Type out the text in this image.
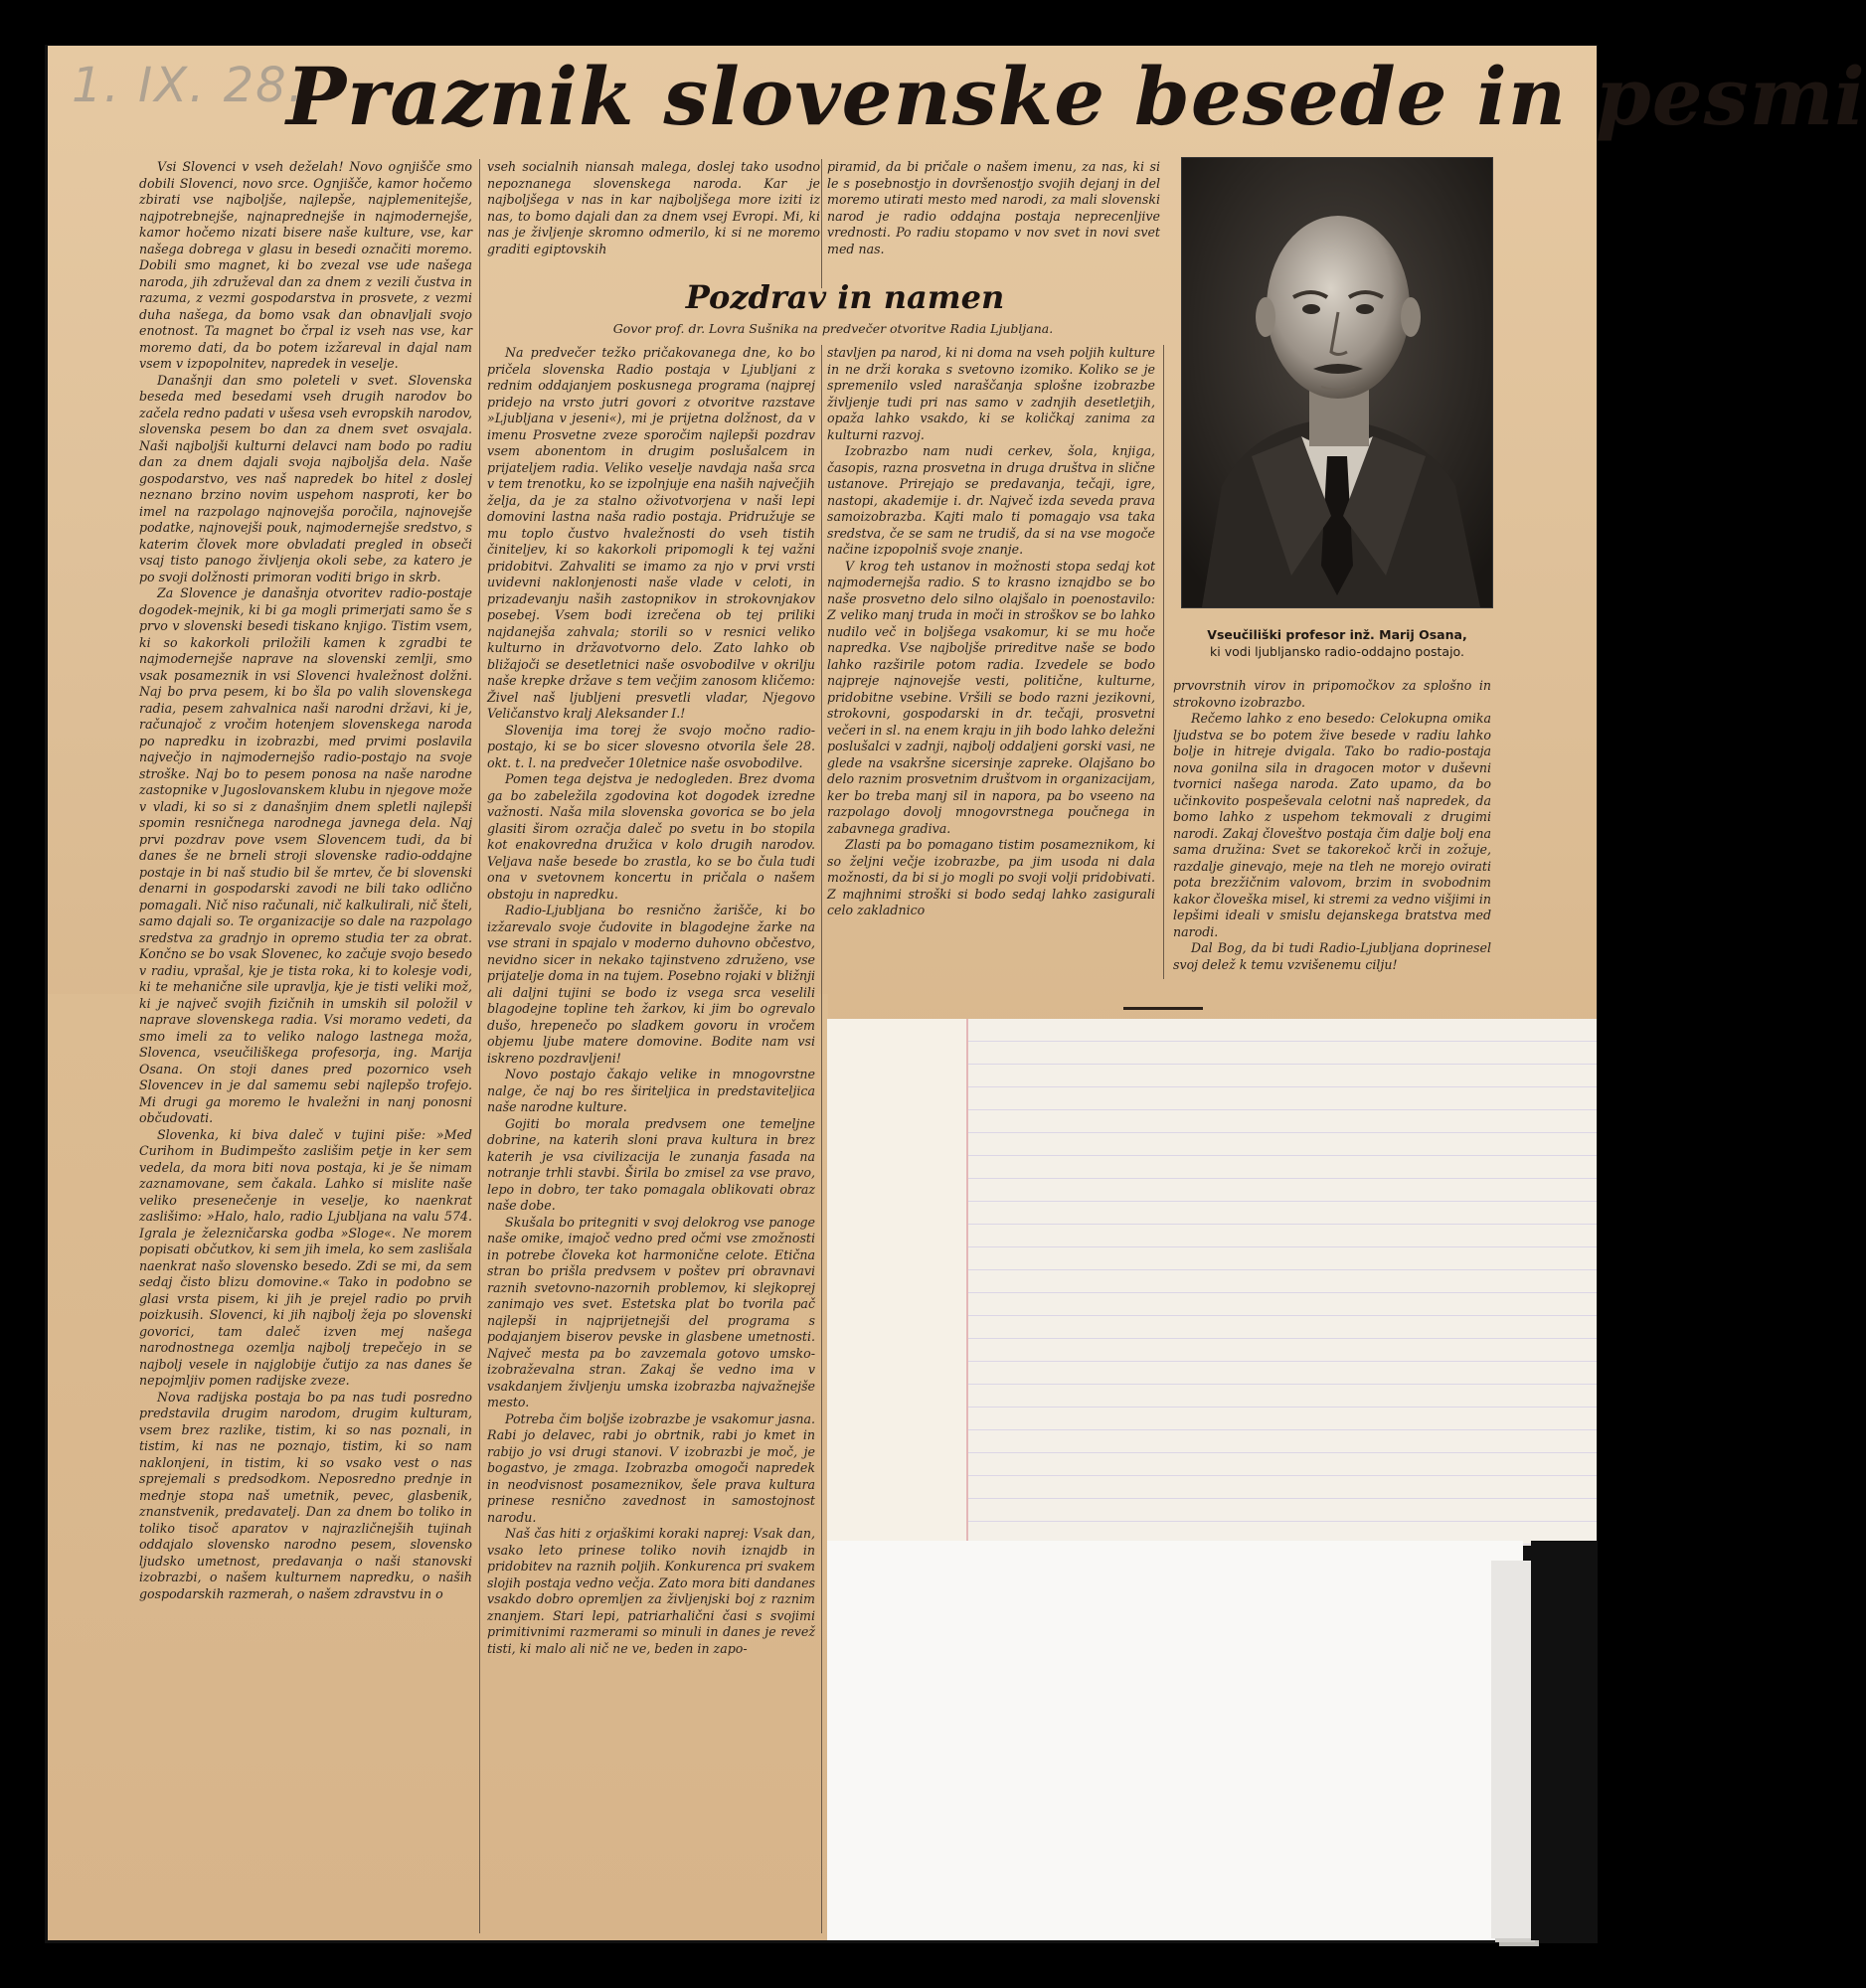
1. IX. 28.
Praznik slovenske besede in pesmi

Vsi Slovenci v vseh deželah! Novo ognjišče smo dobili Slovenci, novo srce. Ognjišče, kamor hočemo zbirati vse najboljše, najlepše, najplemenitejše, najpotrebnejše, najnaprednejše in najmodernejše, kamor hočemo nizati bisere naše kulture, vse, kar našega dobrega v glasu in besedi označiti moremo. Dobili smo magnet, ki bo zvezal vse ude našega naroda, jih združeval dan za dnem z vezili čustva in razuma, z vezmi gospodarstva in prosvete, z vezmi duha našega, da bomo vsak dan obnavljali svojo enotnost. Ta magnet bo črpal iz vseh nas vse, kar moremo dati, da bo potem izžareval in dajal nam vsem v izpopolnitev, napredek in veselje.

Današnji dan smo poleteli v svet. Slovenska beseda med besedami vseh drugih narodov bo začela redno padati v ušesa vseh evropskih narodov, slovenska pesem bo dan za dnem svet osvajala. Naši najboljši kulturni delavci nam bodo po radiu dan za dnem dajali svoja najboljša dela. Naše gospodarstvo, ves naš napredek bo hitel z doslej neznano brzino novim uspehom nasproti, ker bo imel na razpolago najnovejša poročila, najnovejše podatke, najnovejši pouk, najmodernejše sredstvo, s katerim človek more obvladati pregled in obseči vsaj tisto panogo življenja okoli sebe, za katero je po svoji dolžnosti primoran voditi brigo in skrb.

Za Slovence je današnja otvoritev radio-postaje dogodek-mejnik, ki bi ga mogli primerjati samo še s prvo v slovenski besedi tiskano knjigo. Tistim vsem, ki so kakorkoli priložili kamen k zgradbi te najmodernejše naprave na slovenski zemlji, smo vsak posameznik in vsi Slovenci hvaležnost dolžni. Naj bo prva pesem, ki bo šla po valih slovenskega radia, pesem zahvalnica naši narodni državi, ki je, računajoč z vročim hotenjem slovenskega naroda po napredku in izobrazbi, med prvimi poslavila največjo in najmodernejšo radio-postajo na svoje stroške. Naj bo to pesem ponosa na naše narodne zastopnike v Jugoslovanskem klubu in njegove može v vladi, ki so si z današnjim dnem spletli najlepši spomin resničnega narodnega javnega dela. Naj prvi pozdrav pove vsem Slovencem tudi, da bi danes še ne brneli stroji slovenske radio-oddajne postaje in bi naš studio bil še mrtev, če bi slovenski denarni in gospodarski zavodi ne bili tako odlično pomagali. Nič niso računali, nič kalkulirali, nič šteli, samo dajali so. Te organizacije so dale na razpolago sredstva za gradnjo in opremo studia ter za obrat. Končno se bo vsak Slovenec, ko začuje svojo besedo v radiu, vprašal, kje je tista roka, ki to kolesje vodi, ki te mehanične sile upravlja, kje je tisti veliki mož, ki je največ svojih fizičnih in umskih sil položil v naprave slovenskega radia. Vsi moramo vedeti, da smo imeli za to veliko nalogo lastnega moža, Slovenca, vseučiliškega profesorja, ing. Marija Osana. On stoji danes pred pozornico vseh Slovencev in je dal samemu sebi najlepšo trofejo. Mi drugi ga moremo le hvaležni in nanj ponosni občudovati.

Slovenka, ki biva daleč v tujini piše: »Med Curihom in Budimpešto zaslišim petje in ker sem vedela, da mora biti nova postaja, ki je še nimam zaznamovane, sem čakala. Lahko si mislite naše veliko presenečenje in veselje, ko naenkrat zaslišimo: »Halo, halo, radio Ljubljana na valu 574. Igrala je železničarska godba »Sloge«. Ne morem popisati občutkov, ki sem jih imela, ko sem zaslišala naenkrat našo slovensko besedo. Zdi se mi, da sem sedaj čisto blizu domovine.« Tako in podobno se glasi vrsta pisem, ki jih je prejel radio po prvih poizkusih. Slovenci, ki jih najbolj žeja po slovenski govorici, tam daleč izven mej našega narodnostnega ozemlja najbolj trepečejo in se najbolj vesele in najglobije čutijo za nas danes še nepojmljiv pomen radijske zveze.

Nova radijska postaja bo pa nas tudi posredno predstavila drugim narodom, drugim kulturam, vsem brez razlike, tistim, ki so nas poznali, in tistim, ki nas ne poznajo, tistim, ki so nam naklonjeni, in tistim, ki so vsako vest o nas sprejemali s predsodkom. Neposredno prednje in mednje stopa naš umetnik, pevec, glasbenik, znanstvenik, predavatelj. Dan za dnem bo toliko in toliko tisoč aparatov v najrazličnejših tujinah oddajalo slovensko narodno pesem, slovensko ljudsko umetnost, predavanja o naši stanovski izobrazbi, o našem kulturnem napredku, o naših gospodarskih razmerah, o našem zdravstvu in o

vseh socialnih niansah malega, doslej tako usodno nepoznanega slovenskega naroda. Kar je najboljšega v nas in kar najboljšega more iziti iz nas, to bomo dajali dan za dnem vsej Evropi. Mi, ki nas je življenje skromno odmerilo, ki si ne moremo graditi egiptovskih

piramid, da bi pričale o našem imenu, za nas, ki si le s posebnostjo in dovršenostjo svojih dejanj in del moremo utirati mesto med narodi, za mali slovenski narod je radio oddajna postaja neprecenljive vrednosti. Po radiu stopamo v nov svet in novi svet med nas.

Pozdrav in namen
Govor prof. dr. Lovra Sušnika na predvečer otvoritve Radia Ljubljana.

Na predvečer težko pričakovanega dne, ko bo pričela slovenska Radio postaja v Ljubljani z rednim oddajanjem poskusnega programa (najprej pridejo na vrsto jutri govori z otvoritve razstave »Ljubljana v jeseni«), mi je prijetna dolžnost, da v imenu Prosvetne zveze sporočim najlepši pozdrav vsem abonentom in drugim poslušalcem in prijateljem radia. Veliko veselje navdaja naša srca v tem trenotku, ko se izpolnjuje ena naših največjih želja, da je za stalno oživotvorjena v naši lepi domovini lastna naša radio postaja. Pridružuje se mu toplo čustvo hvaležnosti do vseh tistih činiteljev, ki so kakorkoli pripomogli k tej važni pridobitvi. Zahvaliti se imamo za njo v prvi vrsti uvidevni naklonjenosti naše vlade v celoti, in prizadevanju naših zastopnikov in strokovnjakov posebej. Vsem bodi izrečena ob tej priliki najdanejša zahvala; storili so v resnici veliko kulturno in državotvorno delo. Zato lahko ob bližajoči se desetletnici naše osvobodilve v okrilju naše krepke države s tem večjim zanosom kličemo: Živel naš ljubljeni presvetli vladar, Njegovo Veličanstvo kralj Aleksander I.!

Slovenija ima torej že svojo močno radio-postajo, ki se bo sicer slovesno otvorila šele 28. okt. t. l. na predvečer 10letnice naše osvobodilve.

Pomen tega dejstva je nedogleden. Brez dvoma ga bo zabeležila zgodovina kot dogodek izredne važnosti. Naša mila slovenska govorica se bo jela glasiti širom ozračja daleč po svetu in bo stopila kot enakovredna družica v kolo drugih narodov. Veljava naše besede bo zrastla, ko se bo čula tudi ona v svetovnem koncertu in pričala o našem obstoju in napredku.

Radio-Ljubljana bo resnično žarišče, ki bo izžarevalo svoje čudovite in blagodejne žarke na vse strani in spajalo v moderno duhovno občestvo, nevidno sicer in nekako tajinstveno združeno, vse prijatelje doma in na tujem. Posebno rojaki v bližnji ali daljni tujini se bodo iz vsega srca veselili blagodejne topline teh žarkov, ki jim bo ogrevalo dušo, hrepenečo po sladkem govoru in vročem objemu ljube matere domovine. Bodite nam vsi iskreno pozdravljeni!

Novo postajo čakajo velike in mnogovrstne nalge, če naj bo res širiteljica in predstaviteljica naše narodne kulture.

Gojiti bo morala predvsem one temeljne dobrine, na katerih sloni prava kultura in brez katerih je vsa civilizacija le zunanja fasada na notranje trhli stavbi. Širila bo zmisel za vse pravo, lepo in dobro, ter tako pomagala oblikovati obraz naše dobe.

Skušala bo pritegniti v svoj delokrog vse panoge naše omike, imajoč vedno pred očmi vse zmožnosti in potrebe človeka kot harmonične celote. Etična stran bo prišla predvsem v poštev pri obravnavi raznih svetovno-nazornih problemov, ki slejkoprej zanimajo ves svet. Estetska plat bo tvorila pač najlepši in najprijetnejši del programa s podajanjem biserov pevske in glasbene umetnosti. Največ mesta pa bo zavzemala gotovo umsko-izobraževalna stran. Zakaj še vedno ima v vsakdanjem življenju umska izobrazba najvažnejše mesto.

Potreba čim boljše izobrazbe je vsakomur jasna. Rabi jo delavec, rabi jo obrtnik, rabi jo kmet in rabijo jo vsi drugi stanovi. V izobrazbi je moč, je bogastvo, je zmaga. Izobrazba omogoči napredek in neodvisnost posameznikov, šele prava kultura prinese resnično zavednost in samostojnost narodu.

Naš čas hiti z orjaškimi koraki naprej: Vsak dan, vsako leto prinese toliko novih iznajdb in pridobitev na raznih poljih. Konkurenca pri svakem slojih postaja vedno večja. Zato mora biti dandanes vsakdo dobro opremljen za življenjski boj z raznim znanjem. Stari lepi, patriarhalični časi s svojimi primitivnimi razmerami so minuli in danes je revež tisti, ki malo ali nič ne ve, beden in zapo-

stavljen pa narod, ki ni doma na vseh poljih kulture in ne drži koraka s svetovno izomiko. Koliko se je spremenilo vsled naraščanja splošne izobrazbe življenje tudi pri nas samo v zadnjih desetletjih, opaža lahko vsakdo, ki se količkaj zanima za kulturni razvoj.

Izobrazbo nam nudi cerkev, šola, knjiga, časopis, razna prosvetna in druga društva in slične ustanove. Prirejajo se predavanja, tečaji, igre, nastopi, akademije i. dr. Največ izda seveda prava samoizobrazba. Kajti malo ti pomagajo vsa taka sredstva, če se sam ne trudiš, da si na vse mogoče načine izpopolniš svoje znanje.

V krog teh ustanov in možnosti stopa sedaj kot najmodernejša radio. S to krasno iznajdbo se bo naše prosvetno delo silno olajšalo in poenostavilo: Z veliko manj truda in moči in stroškov se bo lahko nudilo več in boljšega vsakomur, ki se mu hoče napredka. Vse najboljše prireditve naše se bodo lahko razširile potom radia. Izvedele se bodo najpreje najnovejše vesti, politične, kulturne, pridobitne vsebine. Vršili se bodo razni jezikovni, strokovni, gospodarski in dr. tečaji, prosvetni večeri in sl. na enem kraju in jih bodo lahko deležni poslušalci v zadnji, najbolj oddaljeni gorski vasi, ne glede na vsakršne sicersinje zapreke. Olajšano bo delo raznim prosvetnim društvom in organizacijam, ker bo treba manj sil in napora, pa bo vseeno na razpolago dovolj mnogovrstnega poučnega in zabavnega gradiva.

Zlasti pa bo pomagano tistim posameznikom, ki so željni večje izobrazbe, pa jim usoda ni dala možnosti, da bi si jo mogli po svoji volji pridobivati. Z majhnimi stroški si bodo sedaj lahko zasigurali celo zakladnico

prvovrstnih virov in pripomočkov za splošno in strokovno izobrazbo.

Rečemo lahko z eno besedo: Celokupna omika ljudstva se bo potem žive besede v radiu lahko bolje in hitreje dvigala. Tako bo radio-postaja nova gonilna sila in dragocen motor v duševni tvornici našega naroda. Zato upamo, da bo učinkovito pospeševala celotni naš napredek, da bomo lahko z uspehom tekmovali z drugimi narodi. Zakaj človeštvo postaja čim dalje bolj ena sama družina: Svet se takorekoč krči in zožuje, razdalje ginevajo, meje na tleh ne morejo ovirati pota brezžičnim valovom, brzim in svobodnim kakor človeška misel, ki stremi za vedno višjimi in lepšimi ideali v smislu dejanskega bratstva med narodi.

Dal Bog, da bi tudi Radio-Ljubljana doprinesel svoj delež k temu vzvišenemu cilju!

Vseučiliški profesor inž. Marij Osana,
ki vodi ljubljansko radio-oddajno postajo.
